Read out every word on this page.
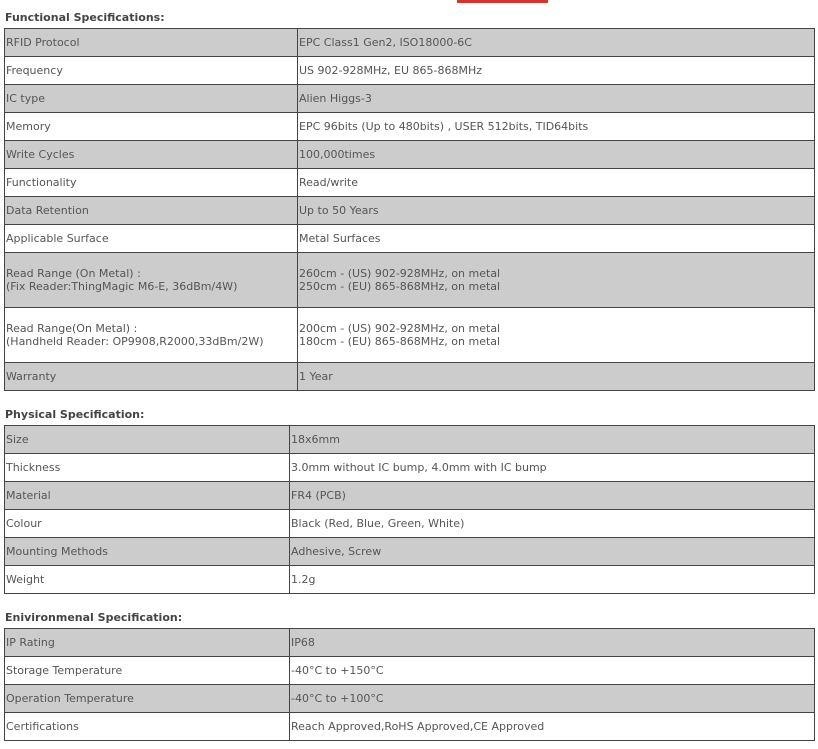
Functional Specifications:
RFID Protocol	EPC Class1 Gen2, ISO18000-6C

Frequency	US 902-928MHz, EU 865-868MHz

IC type	Alien Higgs-3

Memory	EPC 96bits (Up to 480bits) , USER 512bits, TID64bits

Write Cycles	100,000times

Functionality	Read/write

Data Retention	Up to 50 Years

Applicable Surface	Metal Surfaces

Read Range (On Metal) :
(Fix Reader:ThingMagic M6-E, 36dBm/4W)	260cm - (US) 902-928MHz, on metal
250cm - (EU) 865-868MHz, on metal

Read Range(On Metal) :
(Handheld Reader: OP9908,R2000,33dBm/2W)	200cm - (US) 902-928MHz, on metal
180cm - (EU) 865-868MHz, on metal

Warranty	1 Year
Physical Specification:
Size	18x6mm

Thickness	3.0mm without IC bump, 4.0mm with IC bump

Material	FR4 (PCB)

Colour	Black (Red, Blue, Green, White)

Mounting Methods	Adhesive, Screw

Weight	1.2g
Enivironmenal Specification:
IP Rating	IP68

Storage Temperature	-40°C to +150°C

Operation Temperature	-40°C to +100°C

Certifications	Reach Approved,RoHS Approved,CE Approved
